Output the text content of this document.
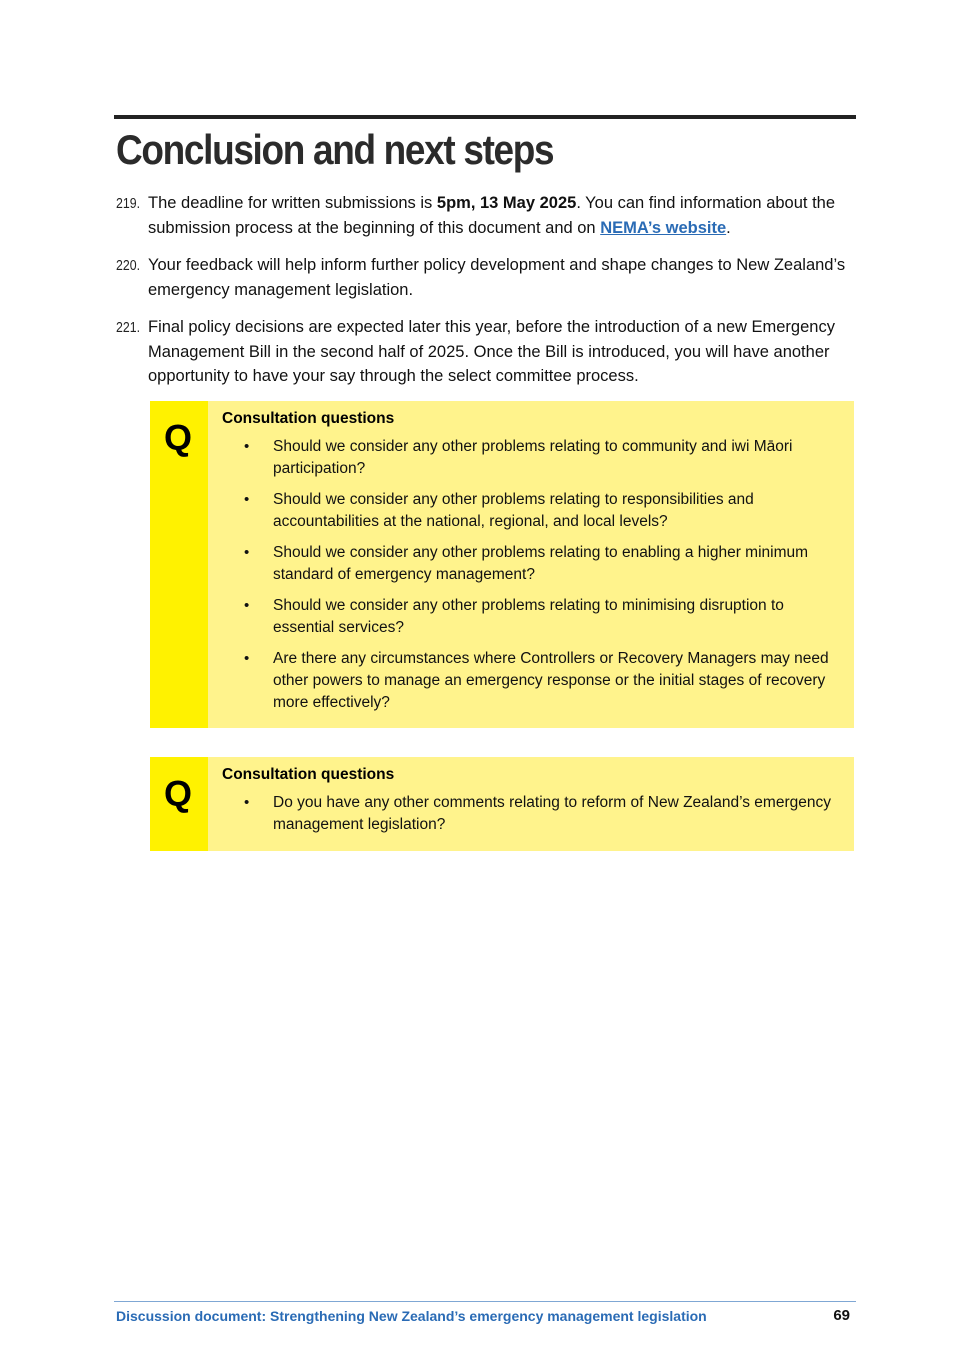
Conclusion and next steps
219. The deadline for written submissions is 5pm, 13 May 2025. You can find information about the submission process at the beginning of this document and on NEMA’s website.
220. Your feedback will help inform further policy development and shape changes to New Zealand’s emergency management legislation.
221. Final policy decisions are expected later this year, before the introduction of a new Emergency Management Bill in the second half of 2025. Once the Bill is introduced, you will have another opportunity to have your say through the select committee process.
Q Consultation questions
• Should we consider any other problems relating to community and iwi Māori participation?
• Should we consider any other problems relating to responsibilities and accountabilities at the national, regional, and local levels?
• Should we consider any other problems relating to enabling a higher minimum standard of emergency management?
• Should we consider any other problems relating to minimising disruption to essential services?
• Are there any circumstances where Controllers or Recovery Managers may need other powers to manage an emergency response or the initial stages of recovery more effectively?
Q Consultation questions
• Do you have any other comments relating to reform of New Zealand’s emergency management legislation?
Discussion document: Strengthening New Zealand’s emergency management legislation	69
